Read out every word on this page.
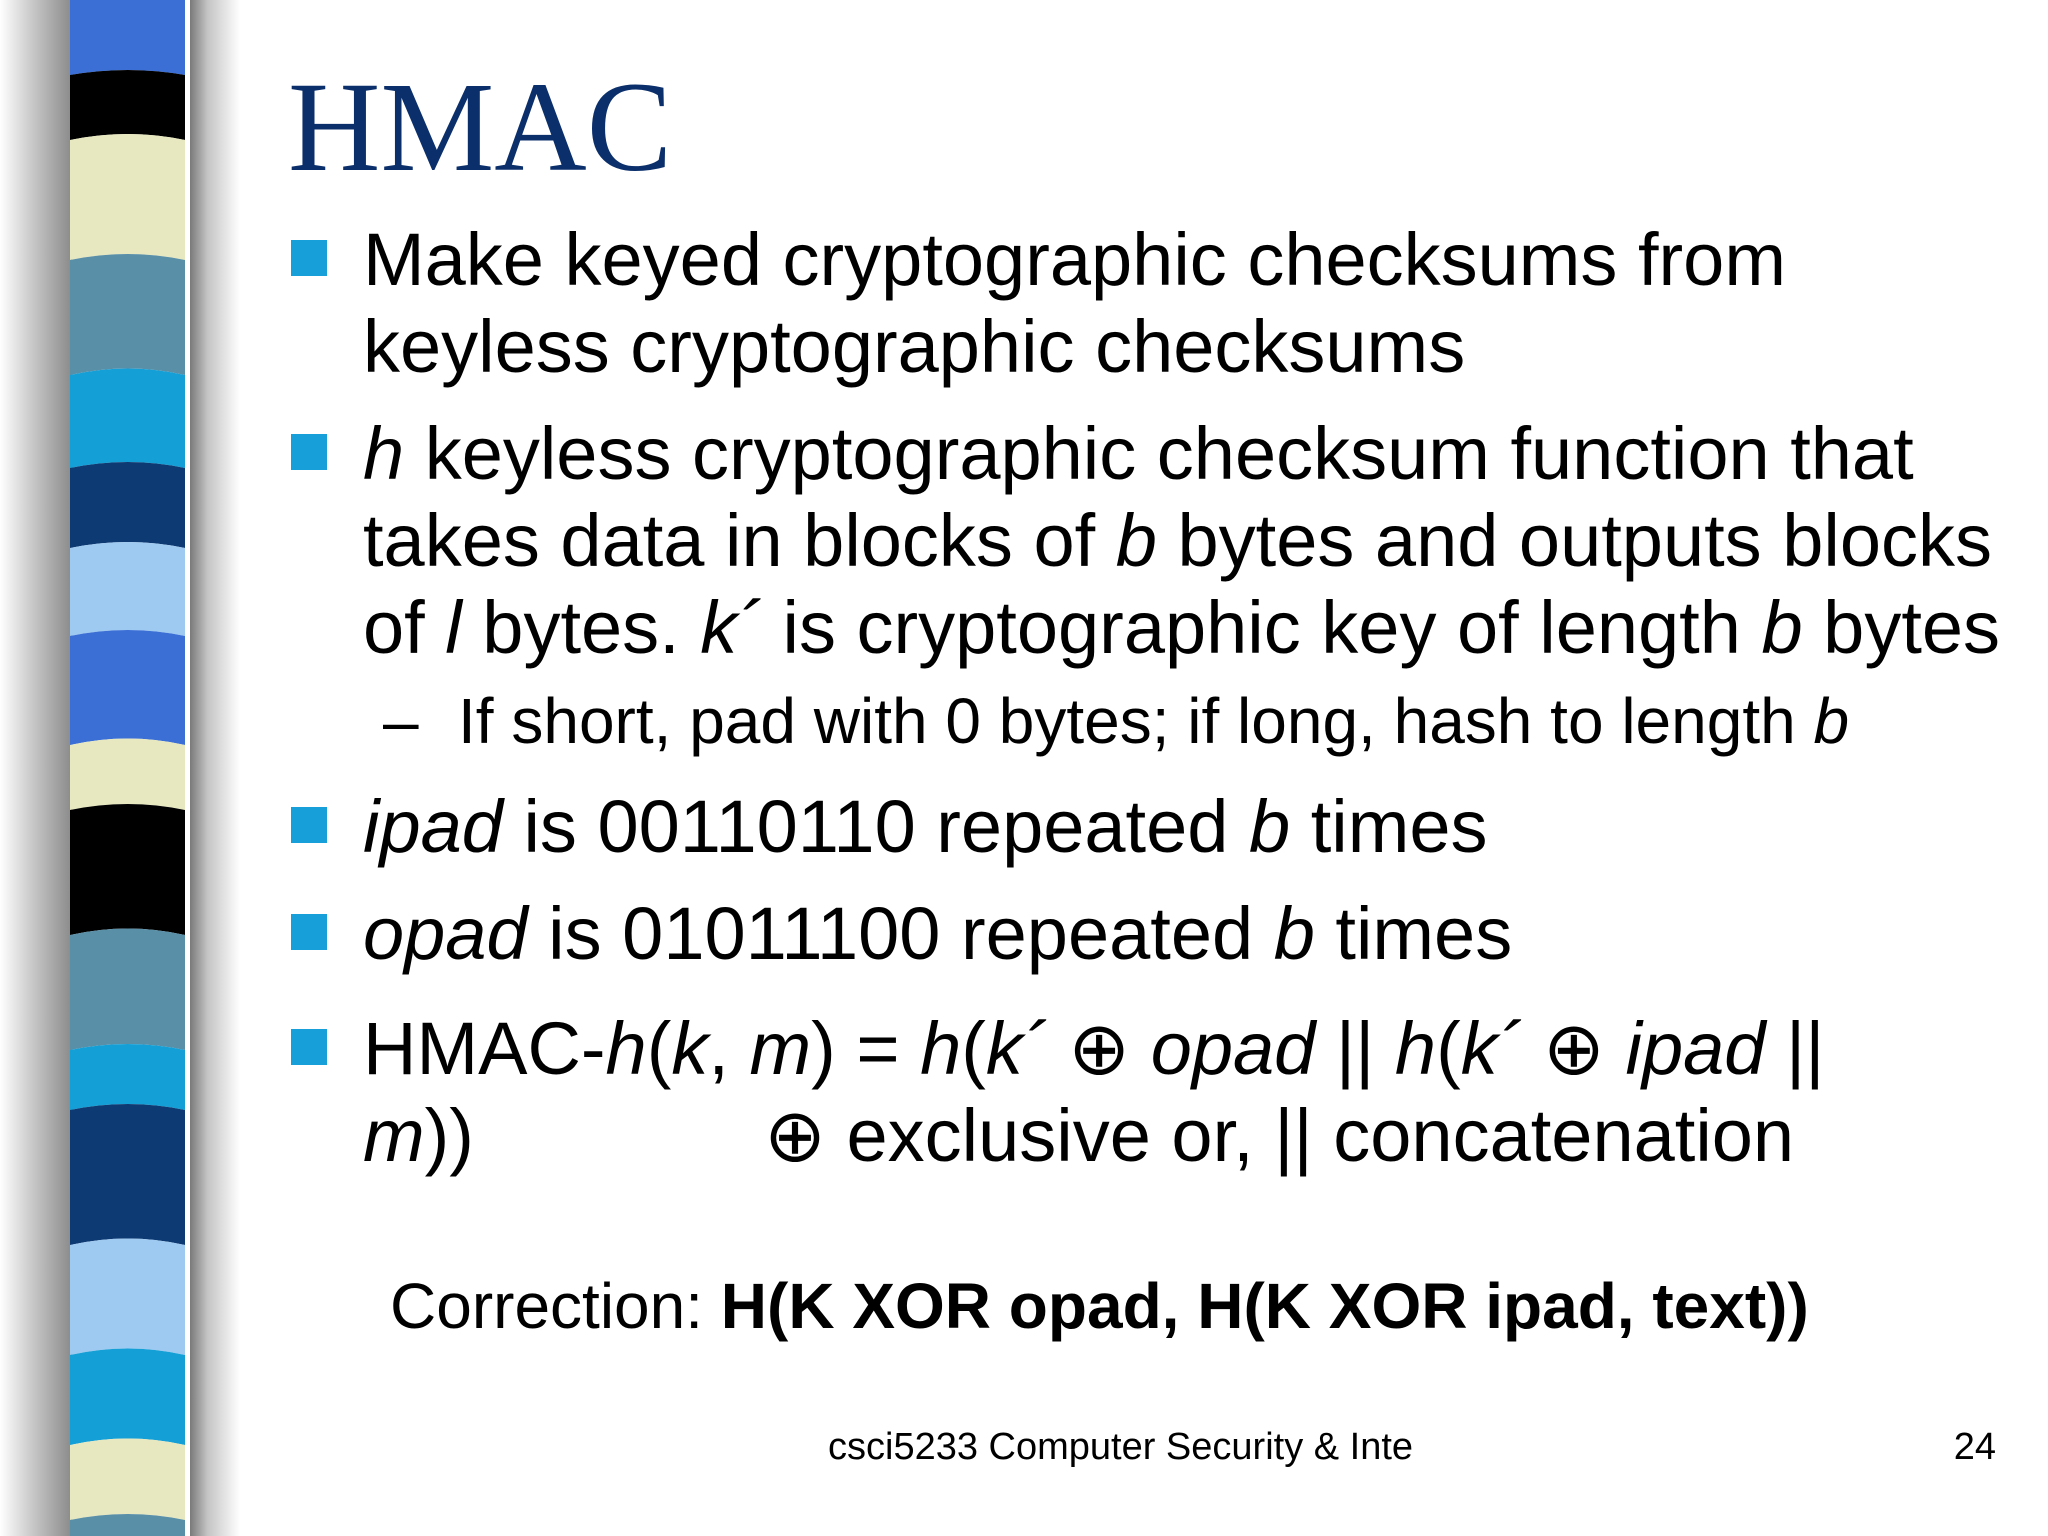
HMAC
Make keyed cryptographic checksums from
keyless cryptographic checksums
h keyless cryptographic checksum function that takes data in blocks of b bytes and outputs blocks of l bytes. k´ is cryptographic key of length b bytes
– If short, pad with 0 bytes; if long, hash to length b
ipad is 00110110 repeated b times
opad is 01011100 repeated b times
HMAC-h(k, m) = h(k´ ⊕ opad || h(k´ ⊕ ipad ||
m))	⊕ exclusive or, || concatenation
Correction: H(K XOR opad, H(K XOR ipad, text))
csci5233 Computer Security & Inte	24
